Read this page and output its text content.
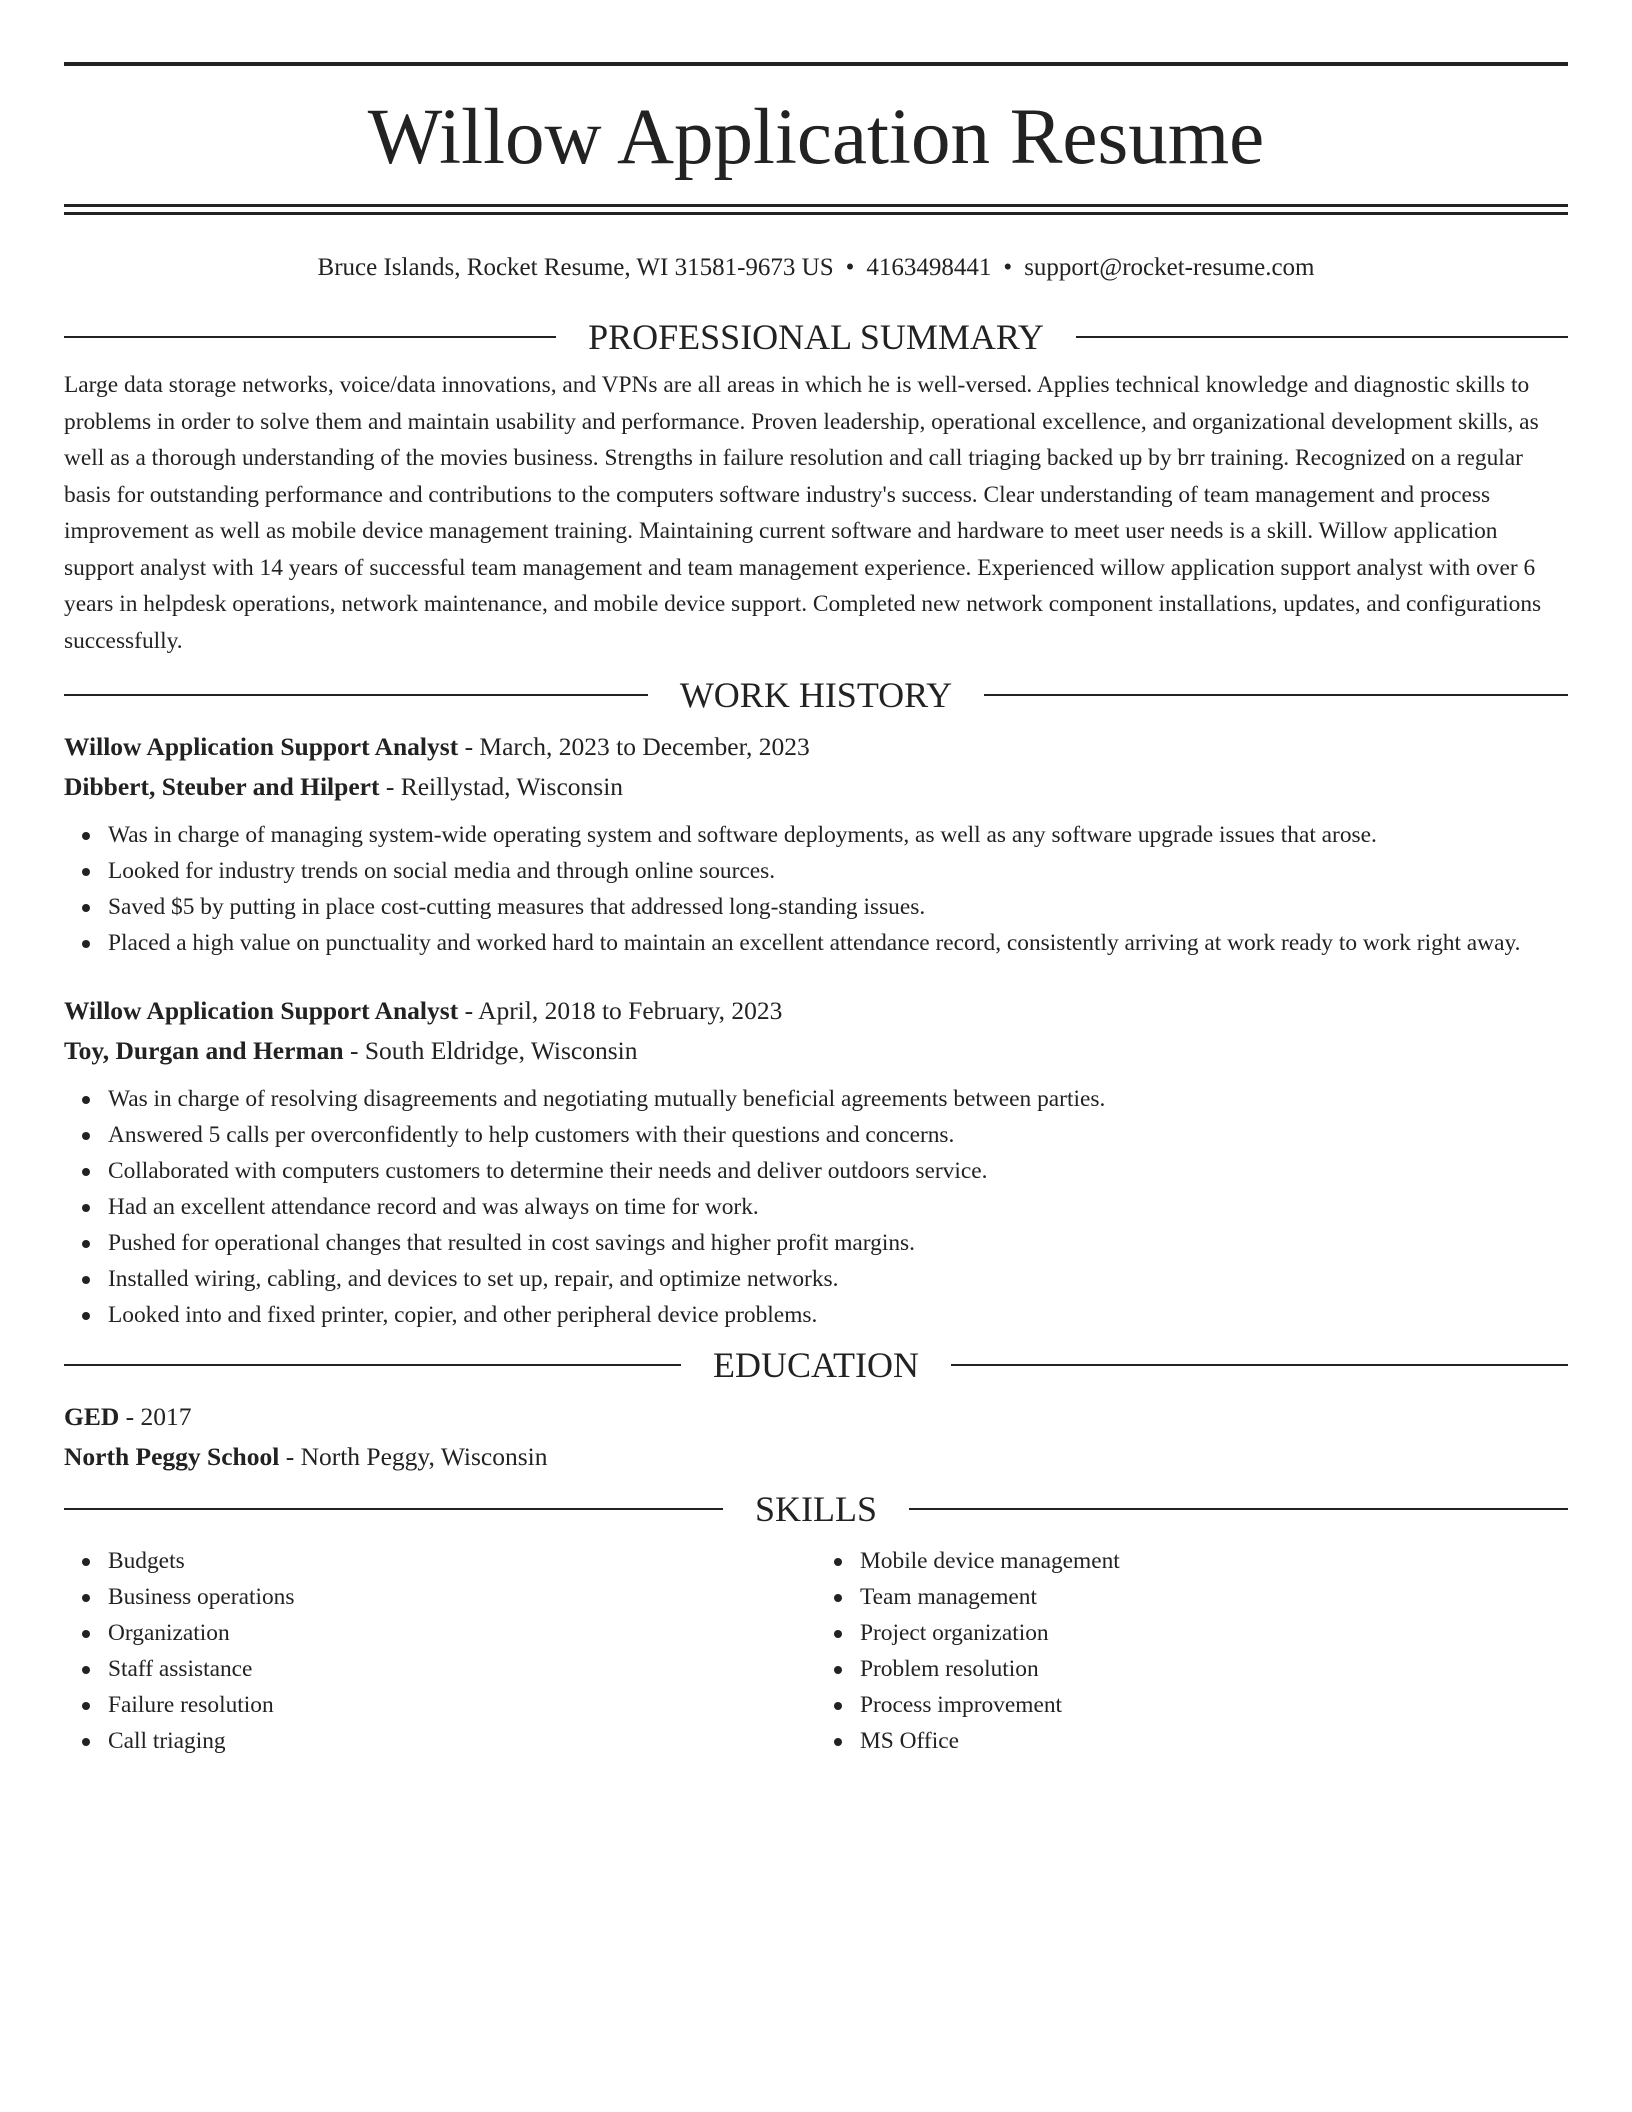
Willow Application Resume
Bruce Islands, Rocket Resume, WI 31581-9673 US • 4163498441 • support@rocket-resume.com
PROFESSIONAL SUMMARY

Large data storage networks, voice/data innovations, and VPNs are all areas in which he is well-versed. Applies technical knowledge and diagnostic skills to problems in order to solve them and maintain usability and performance. Proven leadership, operational excellence, and organizational development skills, as well as a thorough understanding of the movies business. Strengths in failure resolution and call triaging backed up by brr training. Recognized on a regular basis for outstanding performance and contributions to the computers software industry's success. Clear understanding of team management and process improvement as well as mobile device management training. Maintaining current software and hardware to meet user needs is a skill. Willow application support analyst with 14 years of successful team management and team management experience. Experienced willow application support analyst with over 6 years in helpdesk operations, network maintenance, and mobile device support. Completed new network component installations, updates, and configurations successfully.

WORK HISTORY
Willow Application Support Analyst - March, 2023 to December, 2023
Dibbert, Steuber and Hilpert - Reillystad, Wisconsin
Was in charge of managing system-wide operating system and software deployments, as well as any software upgrade issues that arose.
Looked for industry trends on social media and through online sources.
Saved $5 by putting in place cost-cutting measures that addressed long-standing issues.
Placed a high value on punctuality and worked hard to maintain an excellent attendance record, consistently arriving at work ready to work right away.
Willow Application Support Analyst - April, 2018 to February, 2023
Toy, Durgan and Herman - South Eldridge, Wisconsin
Was in charge of resolving disagreements and negotiating mutually beneficial agreements between parties.
Answered 5 calls per overconfidently to help customers with their questions and concerns.
Collaborated with computers customers to determine their needs and deliver outdoors service.
Had an excellent attendance record and was always on time for work.
Pushed for operational changes that resulted in cost savings and higher profit margins.
Installed wiring, cabling, and devices to set up, repair, and optimize networks.
Looked into and fixed printer, copier, and other peripheral device problems.
EDUCATION
GED - 2017
North Peggy School - North Peggy, Wisconsin
SKILLS
Budgets
Business operations
Organization
Staff assistance
Failure resolution
Call triaging
Mobile device management
Team management
Project organization
Problem resolution
Process improvement
MS Office
